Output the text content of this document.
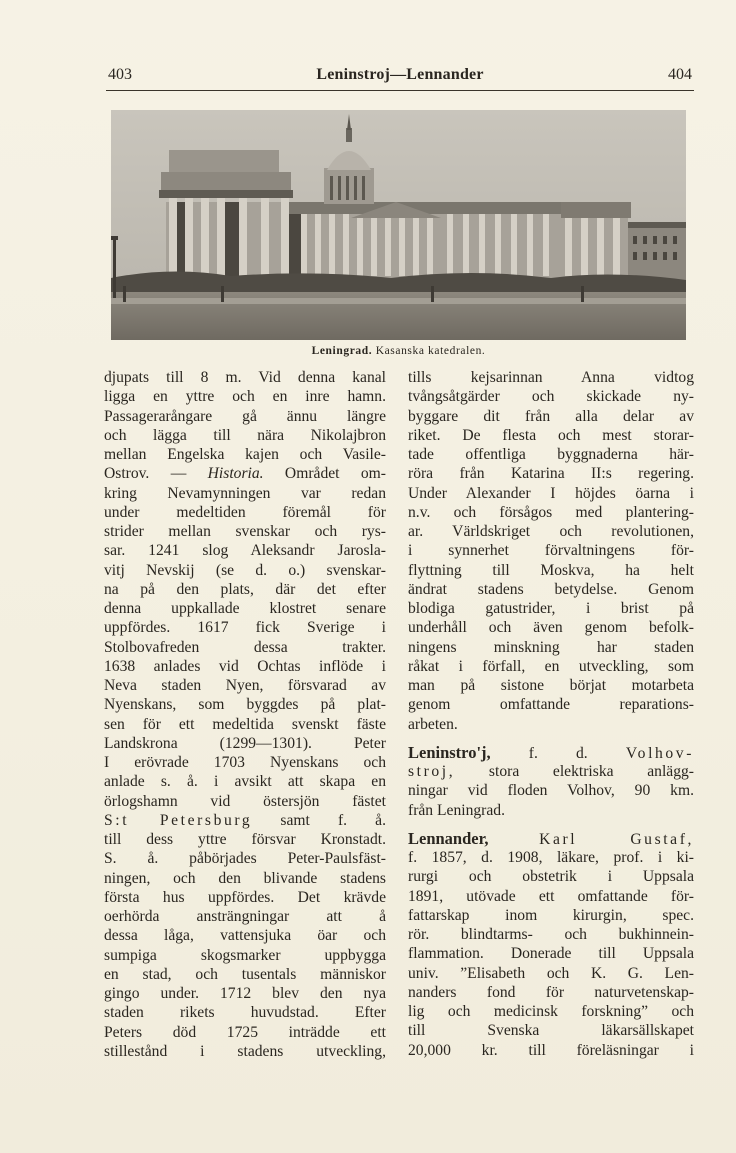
403	Leninstroj—Lennander	404
Leningrad. Kasanska katedralen.
djupats till 8 m. Vid denna kanal
ligga en yttre och en inre hamn.
Passagerarångare gå ännu längre
och lägga till nära Nikolajbron
mellan Engelska kajen och Vasile-
Ostrov. — Historia. Området om-
kring Nevamynningen var redan
under medeltiden föremål för
strider mellan svenskar och rys-
sar. 1241 slog Aleksandr Jarosla-
vitj Nevskij (se d. o.) svenskar-
na på den plats, där det efter
denna uppkallade klostret senare
uppfördes. 1617 fick Sverige i
Stolbovafreden dessa trakter.
1638 anlades vid Ochtas inflöde i
Neva staden Nyen, försvarad av
Nyenskans, som byggdes på plat-
sen för ett medeltida svenskt fäste
Landskrona (1299—1301). Peter
I erövrade 1703 Nyenskans och
anlade s. å. i avsikt att skapa en
örlogshamn vid östersjön fästet
S:t Petersburg samt f. å.
till dess yttre försvar Kronstadt.
S. å. påbörjades Peter-Paulsfäst-
ningen, och den blivande stadens
första hus uppfördes. Det krävde
oerhörda ansträngningar att å
dessa låga, vattensjuka öar och
sumpiga skogsmarker uppbygga
en stad, och tusentals människor
gingo under. 1712 blev den nya
staden rikets huvudstad. Efter
Peters död 1725 inträdde ett
stillestånd i stadens utveckling,
tills kejsarinnan Anna vidtog
tvångsåtgärder och skickade ny-
byggare dit från alla delar av
riket. De flesta och mest storar-
tade offentliga byggnaderna här-
röra från Katarina II:s regering.
Under Alexander I höjdes öarna i
n.v. och försågos med plantering-
ar. Världskriget och revolutionen,
i synnerhet förvaltningens för-
flyttning till Moskva, ha helt
ändrat stadens betydelse. Genom
blodiga gatustrider, i brist på
underhåll och även genom befolk-
ningens minskning har staden
råkat i förfall, en utveckling, som
man på sistone börjat motarbeta
genom omfattande reparations-
arbeten.
Leninstro'j, f. d. Volhov-
stroj, stora elektriska anlägg-
ningar vid floden Volhov, 90 km.
från Leningrad.
Lennander,	Karl Gustaf,
f. 1857, d. 1908, läkare, prof. i ki-
rurgi och obstetrik i Uppsala
1891, utövade ett omfattande för-
fattarskap inom kirurgin, spec.
rör. blindtarms- och bukhinnein-
flammation. Donerade till Uppsala
univ. ”Elisabeth och K. G. Len-
nanders fond för naturvetenskap-
lig och medicinsk forskning” och
till Svenska läkarsällskapet
20,000 kr. till föreläsningar i
